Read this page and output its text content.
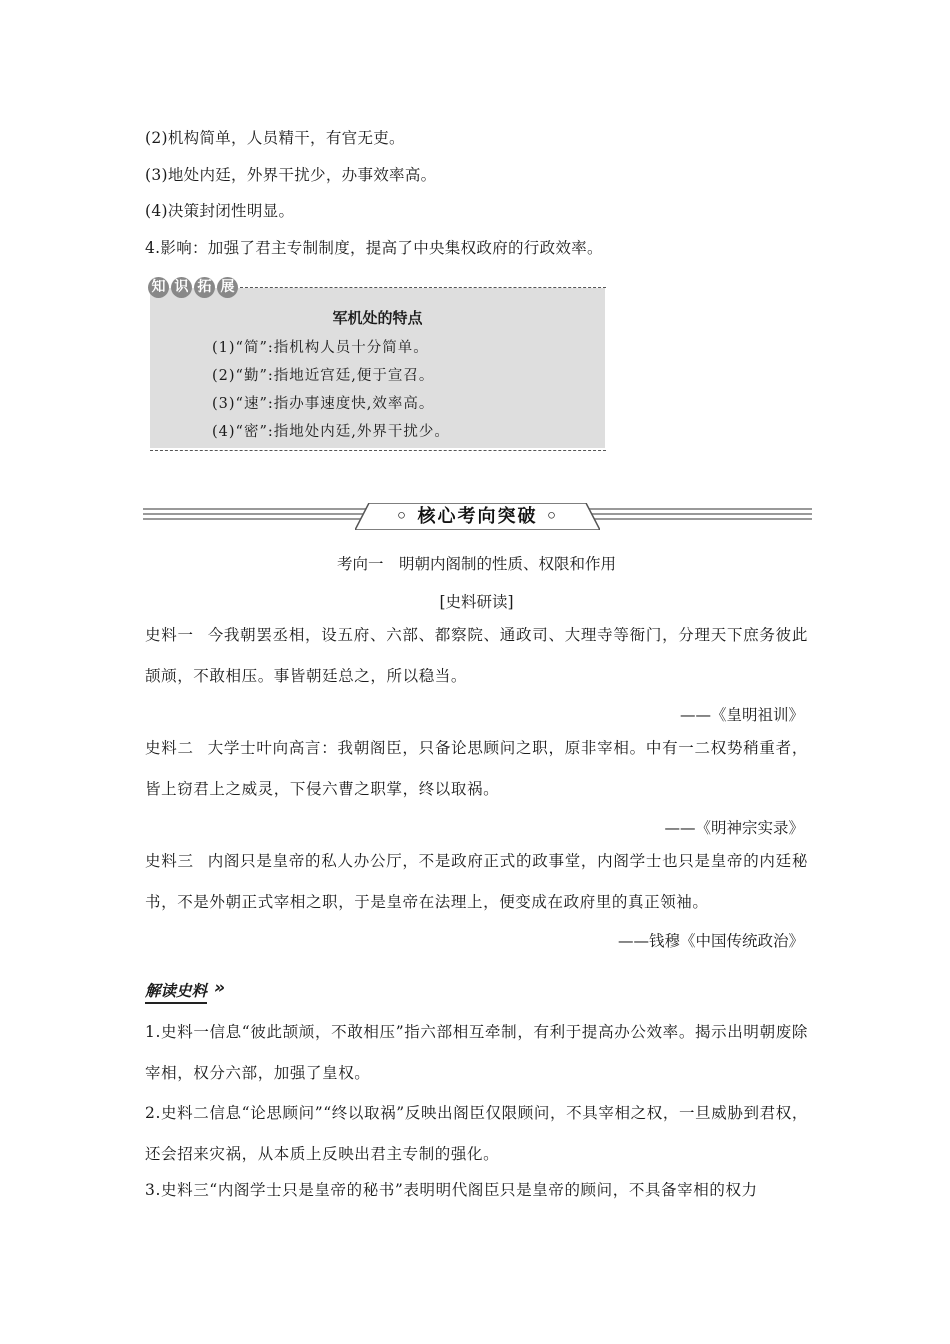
(2)机构简单，人员精干，有官无吏。
(3)地处内廷，外界干扰少，办事效率高。
(4)决策封闭性明显。
4.影响：加强了君主专制制度，提高了中央集权政府的行政效率。
知 识 拓 展
军机处的特点
(1)“简”:指机构人员十分简单。
(2)“勤”:指地近宫廷,便于宣召。
(3)“速”:指办事速度快,效率高。
(4)“密”:指地处内廷,外界干扰少。
◦ 核心考向突破 ◦
考向一　明朝内阁制的性质、权限和作用
[史料研读]
史料一 今我朝罢丞相，设五府、六部、都察院、通政司、大理寺等衙门，分理天下庶务彼此颉颃，不敢相压。事皆朝廷总之，所以稳当。
——《皇明祖训》
史料二 大学士叶向高言：我朝阁臣，只备论思顾问之职，原非宰相。中有一二权势稍重者，皆上窃君上之威灵，下侵六曹之职掌，终以取祸。
——《明神宗实录》
史料三 内阁只是皇帝的私人办公厅，不是政府正式的政事堂，内阁学士也只是皇帝的内廷秘书，不是外朝正式宰相之职，于是皇帝在法理上，便变成在政府里的真正领袖。
——钱穆《中国传统政治》
解读史料 »
1.史料一信息“彼此颉颃，不敢相压”指六部相互牵制，有利于提高办公效率。揭示出明朝废除宰相，权分六部，加强了皇权。
2.史料二信息“论思顾问”“终以取祸”反映出阁臣仅限顾问，不具宰相之权，一旦威胁到君权，还会招来灾祸，从本质上反映出君主专制的强化。
3.史料三“内阁学士只是皇帝的秘书”表明明代阁臣只是皇帝的顾问，不具备宰相的权力
